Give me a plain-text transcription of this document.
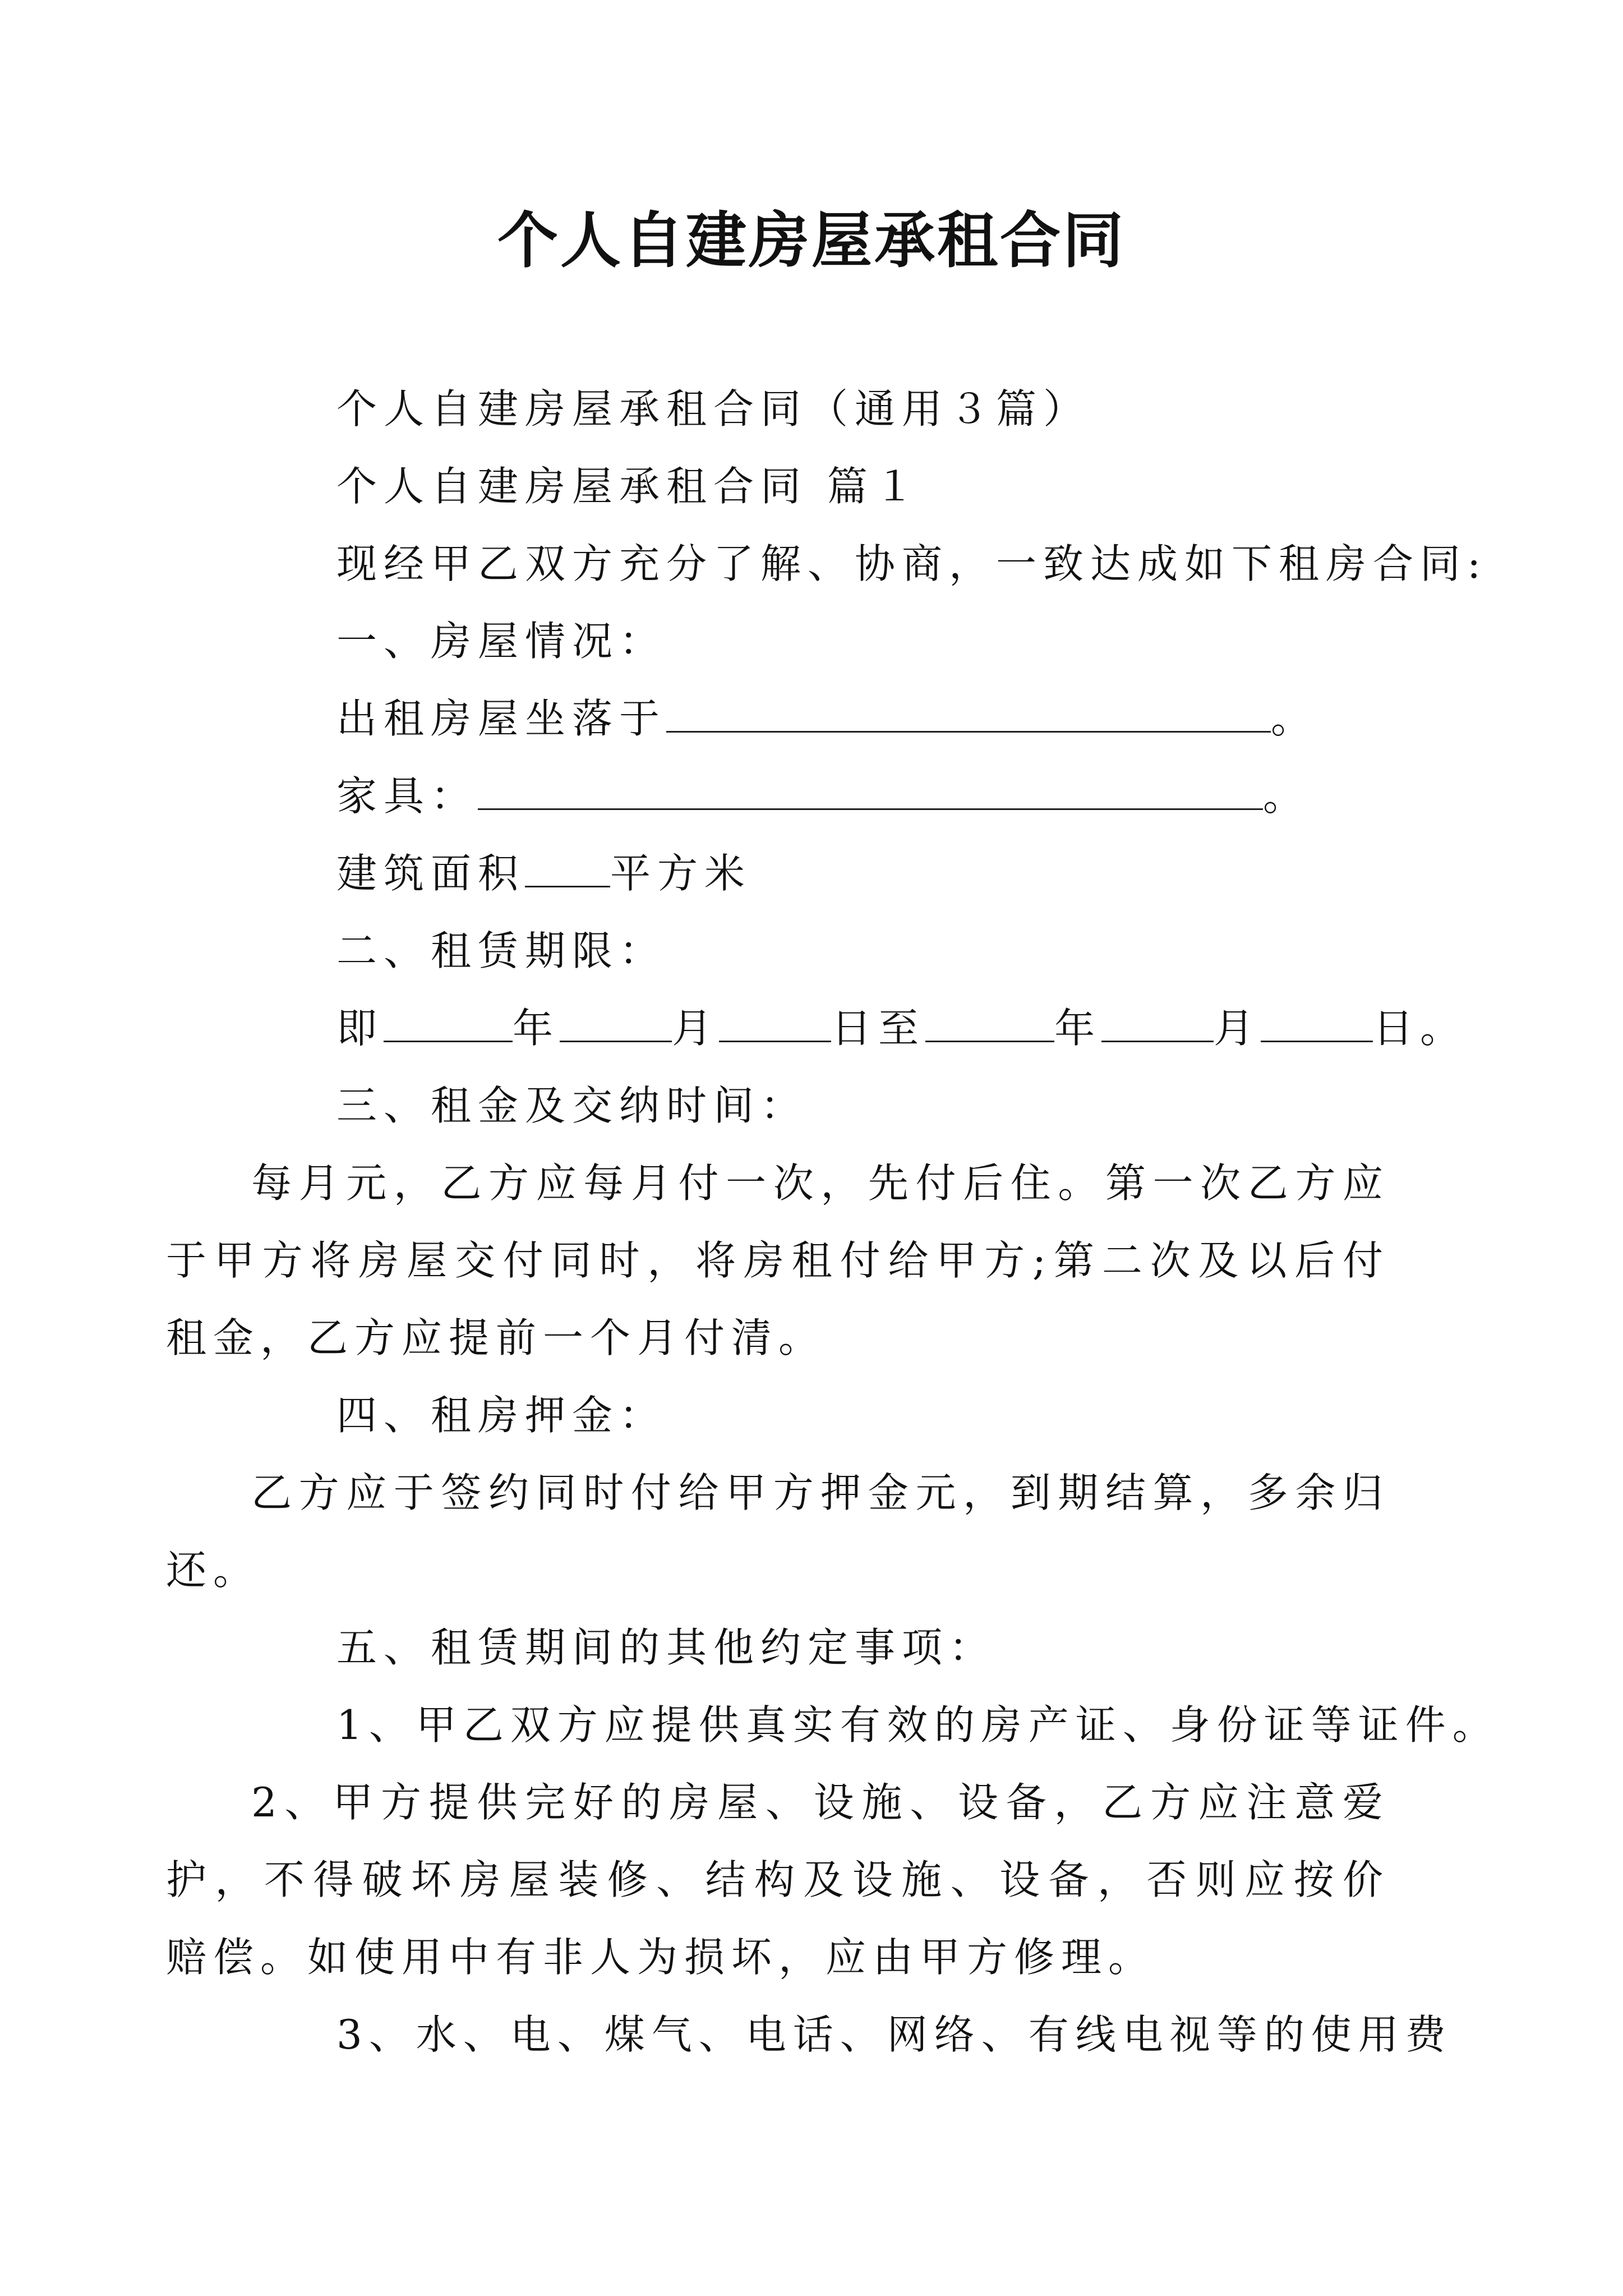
个人自建房屋承租合同

个人自建房屋承租合同（通用３篇）

个人自建房屋承租合同 篇１

现经甲乙双方充分了解、协商，一致达成如下租房合同:

一、房屋情况：

出租房屋坐落于	。

家具：	。

建筑面积 平方米

二、租赁期限：

即	年	月	日至	年	月	日。

三、租金及交纳时间：

每月元，乙方应每月付一次，先付后住。第一次乙方应于甲方将房屋交付同时，将房租付给甲方;第二次及以后付租金，乙方应提前一个月付清。

四、租房押金：

乙方应于签约同时付给甲方押金元，到期结算，多余归还。

五、租赁期间的其他约定事项：

1、甲乙双方应提供真实有效的房产证、身份证等证件。

2、甲方提供完好的房屋、设施、设备，乙方应注意爱护，不得破坏房屋装修、结构及设施、设备，否则应按价赔偿。如使用中有非人为损坏，应由甲方修理。

3、水、电、煤气、电话、网络、有线电视等的使用费
